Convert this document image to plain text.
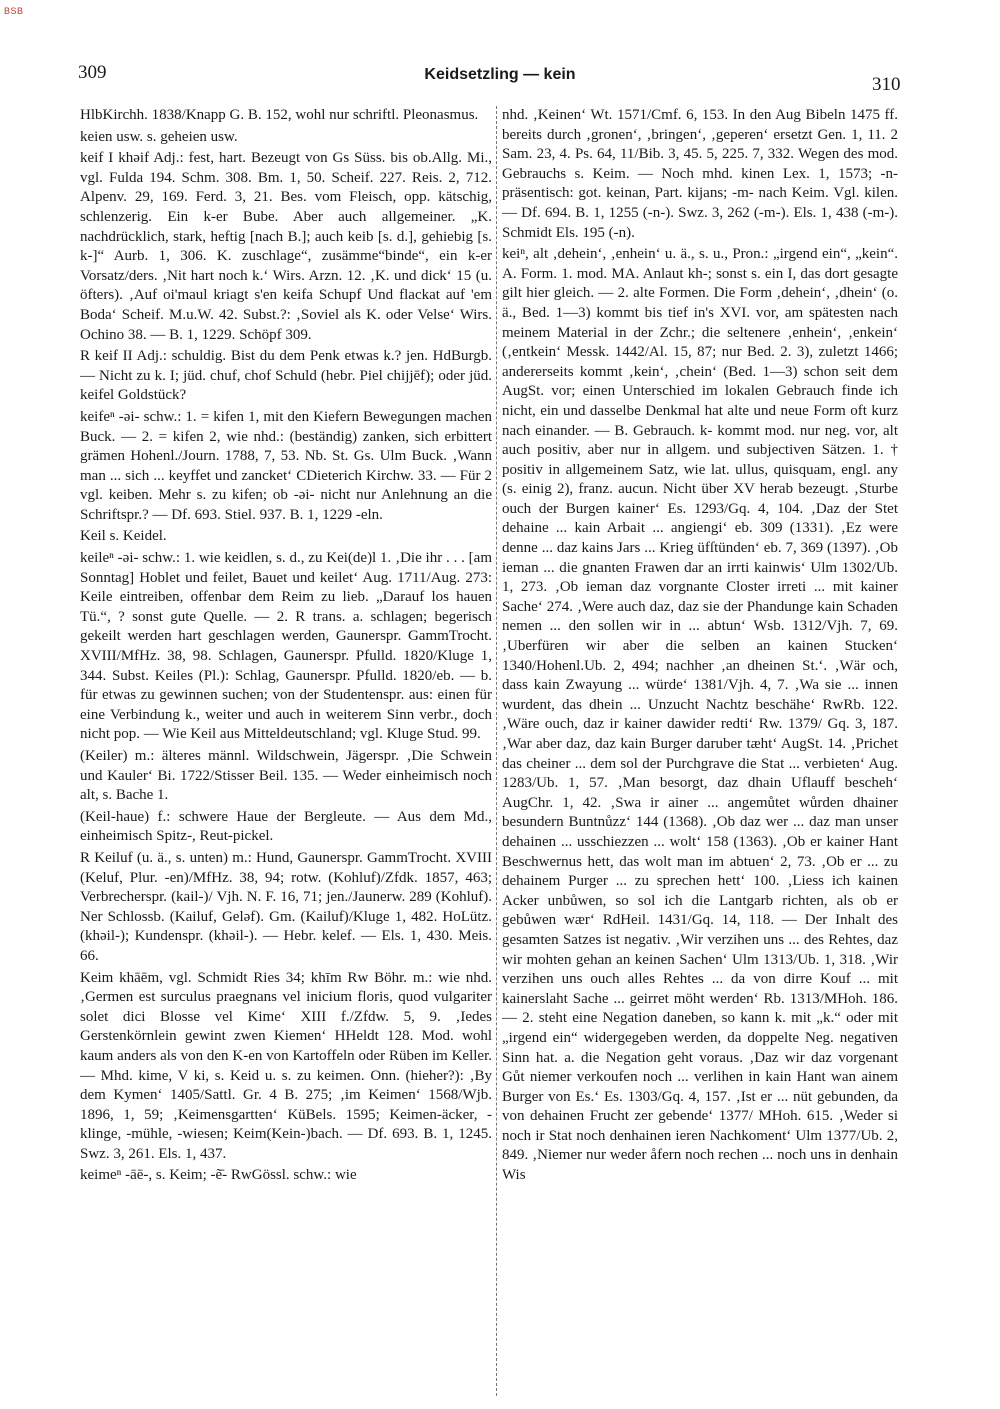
BSB
309	Keidsetzling — kein	310

HlbKirchh. 1838/Knapp G. B. 152, wohl nur schriftl. Pleonasmus.

keien usw. s. geheien usw.

keif I khəif Adj.: fest, hart. Bezeugt von Gs Süss. bis ob.Allg. Mi., vgl. Fulda 194. Schm. 308. Bm. 1, 50. Scheif. 227. Reis. 2, 712. Alpenv. 29, 169. Ferd. 3, 21. Bes. vom Fleisch, opp. kätschig, schlenzerig. Ein k-er Bube. Aber auch allgemeiner. „K. nachdrücklich, stark, heftig [nach B.]; auch keib [s. d.], gehiebig [s. k-]“ Aurb. 1, 306. K. zuschlage“, zusämme“binde“, ein k-er Vorsatz/ders. ‚Nit hart noch k.‘ Wirs. Arzn. 12. ‚K. und dick‘ 15 (u. öfters). ‚Auf oi'maul kriagt s'en keifa Schupf Und flackat auf 'em Boda‘ Scheif. M.u.W. 42. Subst.?: ‚Soviel als K. oder Velse‘ Wirs. Ochino 38. — B. 1, 1229. Schöpf 309.

R keif II Adj.: schuldig. Bist du dem Penk etwas k.? jen. HdBurgb. — Nicht zu k. I; jüd. chuf, chof Schuld (hebr. Piel chijjēf); oder jüd. keifel Goldstück?

keifeⁿ -əi- schw.: 1. = kifen 1, mit den Kiefern Bewegungen machen Buck. — 2. = kifen 2, wie nhd.: (beständig) zanken, sich erbittert grämen Hohenl./Journ. 1788, 7, 53. Nb. St. Gs. Ulm Buck. ‚Wann man ... sich ... keyffet und zancket‘ CDieterich Kirchw. 33. — Für 2 vgl. keiben. Mehr s. zu kifen; ob -əi- nicht nur Anlehnung an die Schriftspr.? — Df. 693. Stiel. 937. B. 1, 1229 -eln.

Keil s. Keidel.

keileⁿ -əi- schw.: 1. wie keidlen, s. d., zu Kei(de)l 1. ‚Die ihr . . . [am Sonntag] Hoblet und feilet, Bauet und keilet‘ Aug. 1711/Aug. 273: Keile eintreiben, offenbar dem Reim zu lieb. „Darauf los hauen Tü.“, ? sonst gute Quelle. — 2. R trans. a. schlagen; begerisch gekeilt werden hart geschlagen werden, Gaunerspr. GammTrocht. XVIII/MfHz. 38, 98. Schlagen, Gaunerspr. Pfulld. 1820/Kluge 1, 344. Subst. Keiles (Pl.): Schlag, Gaunerspr. Pfulld. 1820/eb. — b. für etwas zu gewinnen suchen; von der Studentenspr. aus: einen für eine Verbindung k., weiter und auch in weiterem Sinn verbr., doch nicht pop. — Wie Keil aus Mitteldeutschland; vgl. Kluge Stud. 99.

(Keiler) m.: älteres männl. Wildschwein, Jägerspr. ‚Die Schwein und Kauler‘ Bi. 1722/Stisser Beil. 135. — Weder einheimisch noch alt, s. Bache 1.

(Keil-haue) f.: schwere Haue der Bergleute. — Aus dem Md., einheimisch Spitz-, Reut-pickel.

R Keiluf (u. ä., s. unten) m.: Hund, Gaunerspr. GammTrocht. XVIII (Keluf, Plur. -en)/MfHz. 38, 94; rotw. (Kohluf)/Zfdk. 1857, 463; Verbrecherspr. (kail-)/ Vjh. N. F. 16, 71; jen./Jaunerw. 289 (Kohluf). Ner Schlossb. (Kailuf, Geləf). Gm. (Kailuf)/Kluge 1, 482. HoLütz. (khəil-); Kundenspr. (khəil-). — Hebr. kelef. — Els. 1, 430. Meis. 66.

Keim khāēm, vgl. Schmidt Ries 34; khīm Rw Böhr. m.: wie nhd. ‚Germen est surculus praegnans vel inicium floris, quod vulgariter solet dici Blosse vel Kime‘ XIII f./Zfdw. 5, 9. ‚Iedes Gerstenkörnlein gewint zwen Kiemen‘ HHeldt 128. Mod. wohl kaum anders als von den K-en von Kartoffeln oder Rüben im Keller. — Mhd. kime, V ki, s. Keid u. s. zu keimen. Onn. (hieher?): ‚By dem Kymen‘ 1405/Sattl. Gr. 4 B. 275; ‚im Keimen‘ 1568/Wjb. 1896, 1, 59; ‚Keimensgartten‘ KüBels. 1595; Keimen-äcker, -klinge, -mühle, -wiesen; Keim(Kein-)bach. — Df. 693. B. 1, 1245. Swz. 3, 261. Els. 1, 437.

keimeⁿ -āē-, s. Keim; -ẽ̄- RwGössl. schw.: wie

nhd. ‚Keinen‘ Wt. 1571/Cmf. 6, 153. In den Aug Bibeln 1475 ff. bereits durch ‚gronen‘, ‚bringen‘, ‚geperen‘ ersetzt Gen. 1, 11. 2 Sam. 23, 4. Ps. 64, 11/Bib. 3, 45. 5, 225. 7, 332. Wegen des mod. Gebrauchs s. Keim. — Noch mhd. kinen Lex. 1, 1573; -n- präsentisch: got. keinan, Part. kijans; -m- nach Keim. Vgl. kilen. — Df. 694. B. 1, 1255 (-n-). Swz. 3, 262 (-m-). Els. 1, 438 (-m-). Schmidt Els. 195 (-n).

keiⁿ, alt ‚dehein‘, ‚enhein‘ u. ä., s. u., Pron.: „irgend ein“, „kein“. A. Form. 1. mod. MA. Anlaut kh-; sonst s. ein I, das dort gesagte gilt hier gleich. — 2. alte Formen. Die Form ‚dehein‘, ‚dhein‘ (o. ä., Bed. 1—3) kommt bis tief in's XVI. vor, am spätesten nach meinem Material in der Zchr.; die seltenere ‚enhein‘, ‚enkein‘ (‚entkein‘ Messk. 1442/Al. 15, 87; nur Bed. 2. 3), zuletzt 1466; andererseits kommt ‚kein‘, ‚chein‘ (Bed. 1—3) schon seit dem AugSt. vor; einen Unterschied im lokalen Gebrauch finde ich nicht, ein und dasselbe Denkmal hat alte und neue Form oft kurz nach einander. — B. Gebrauch. k- kommt mod. nur neg. vor, alt auch positiv, aber nur in allgem. und subjectiven Sätzen. 1. † positiv in allgemeinem Satz, wie lat. ullus, quisquam, engl. any (s. einig 2), franz. aucun. Nicht über XV herab bezeugt. ‚Sturbe ouch der Burgen kainer‘ Es. 1293/Gq. 4, 104. ‚Daz der Stet dehaine ... kain Arbait ... angiengi‘ eb. 309 (1331). ‚Ez were denne ... daz kains Jars ... Krieg üfſtünden‘ eb. 7, 369 (1397). ‚Ob ieman ... die gnanten Frawen dar an irrti kainwis‘ Ulm 1302/Ub. 1, 273. ‚Ob ieman daz vorgnante Closter irreti ... mit kainer Sache‘ 274. ‚Were auch daz, daz sie der Phandunge kain Schaden nemen ... den sollen wir in ... abtun‘ Wsb. 1312/Vjh. 7, 69. ‚Uberfüren wir aber die selben an kainen Stucken‘ 1340/Hohenl.Ub. 2, 494; nachher ‚an dheinen St.‘. ‚Wär och, dass kain Zwayung ... würde‘ 1381/Vjh. 4, 7. ‚Wa sie ... innen wurdent, das dhein ... Unzucht Nachtz beschähe‘ RwRb. 122. ‚Wäre ouch, daz ir kainer dawider redti‘ Rw. 1379/ Gq. 3, 187. ‚War aber daz, daz kain Burger daruber tæht‘ AugSt. 14. ‚Prichet das cheiner ... dem sol der Purchgrave die Stat ... verbieten‘ Aug. 1283/Ub. 1, 57. ‚Man besorgt, daz dhain Uflauff bescheh‘ AugChr. 1, 42. ‚Swa ir ainer ... angemůtet wůrden dhainer besundern Buntnůzz‘ 144 (1368). ‚Ob daz wer ... daz man unser dehainen ... usschiezzen ... wolt‘ 158 (1363). ‚Ob er kainer Hant Beschwernus hett, das wolt man im abtuen‘ 2, 73. ‚Ob er ... zu dehainem Purger ... zu sprechen hett‘ 100. ‚Liess ich kainen Acker unbůwen, so sol ich die Lantgarb richten, als ob er gebůwen wær‘ RdHeil. 1431/Gq. 14, 118. — Der Inhalt des gesamten Satzes ist negativ. ‚Wir verzihen uns ... des Rehtes, daz wir mohten gehan an keinen Sachen‘ Ulm 1313/Ub. 1, 318. ‚Wir verzihen uns ouch alles Rehtes ... da von dirre Kouf ... mit kainerslaht Sache ... geirret möht werden‘ Rb. 1313/MHoh. 186. — 2. steht eine Negation daneben, so kann k. mit „k.“ oder mit „irgend ein“ widergegeben werden, da doppelte Neg. negativen Sinn hat. a. die Negation geht voraus. ‚Daz wir daz vorgenant Gůt niemer verkoufen noch ... verlihen in kain Hant wan ainem Burger von Es.‘ Es. 1303/Gq. 4, 157. ‚Ist er ... nüt gebunden, da von dehainen Frucht zer gebende‘ 1377/ MHoh. 615. ‚Weder si noch ir Stat noch denhainen ieren Nachkoment‘ Ulm 1377/Ub. 2, 849. ‚Niemer nur weder åfern noch rechen ... noch uns in denhain Wis
